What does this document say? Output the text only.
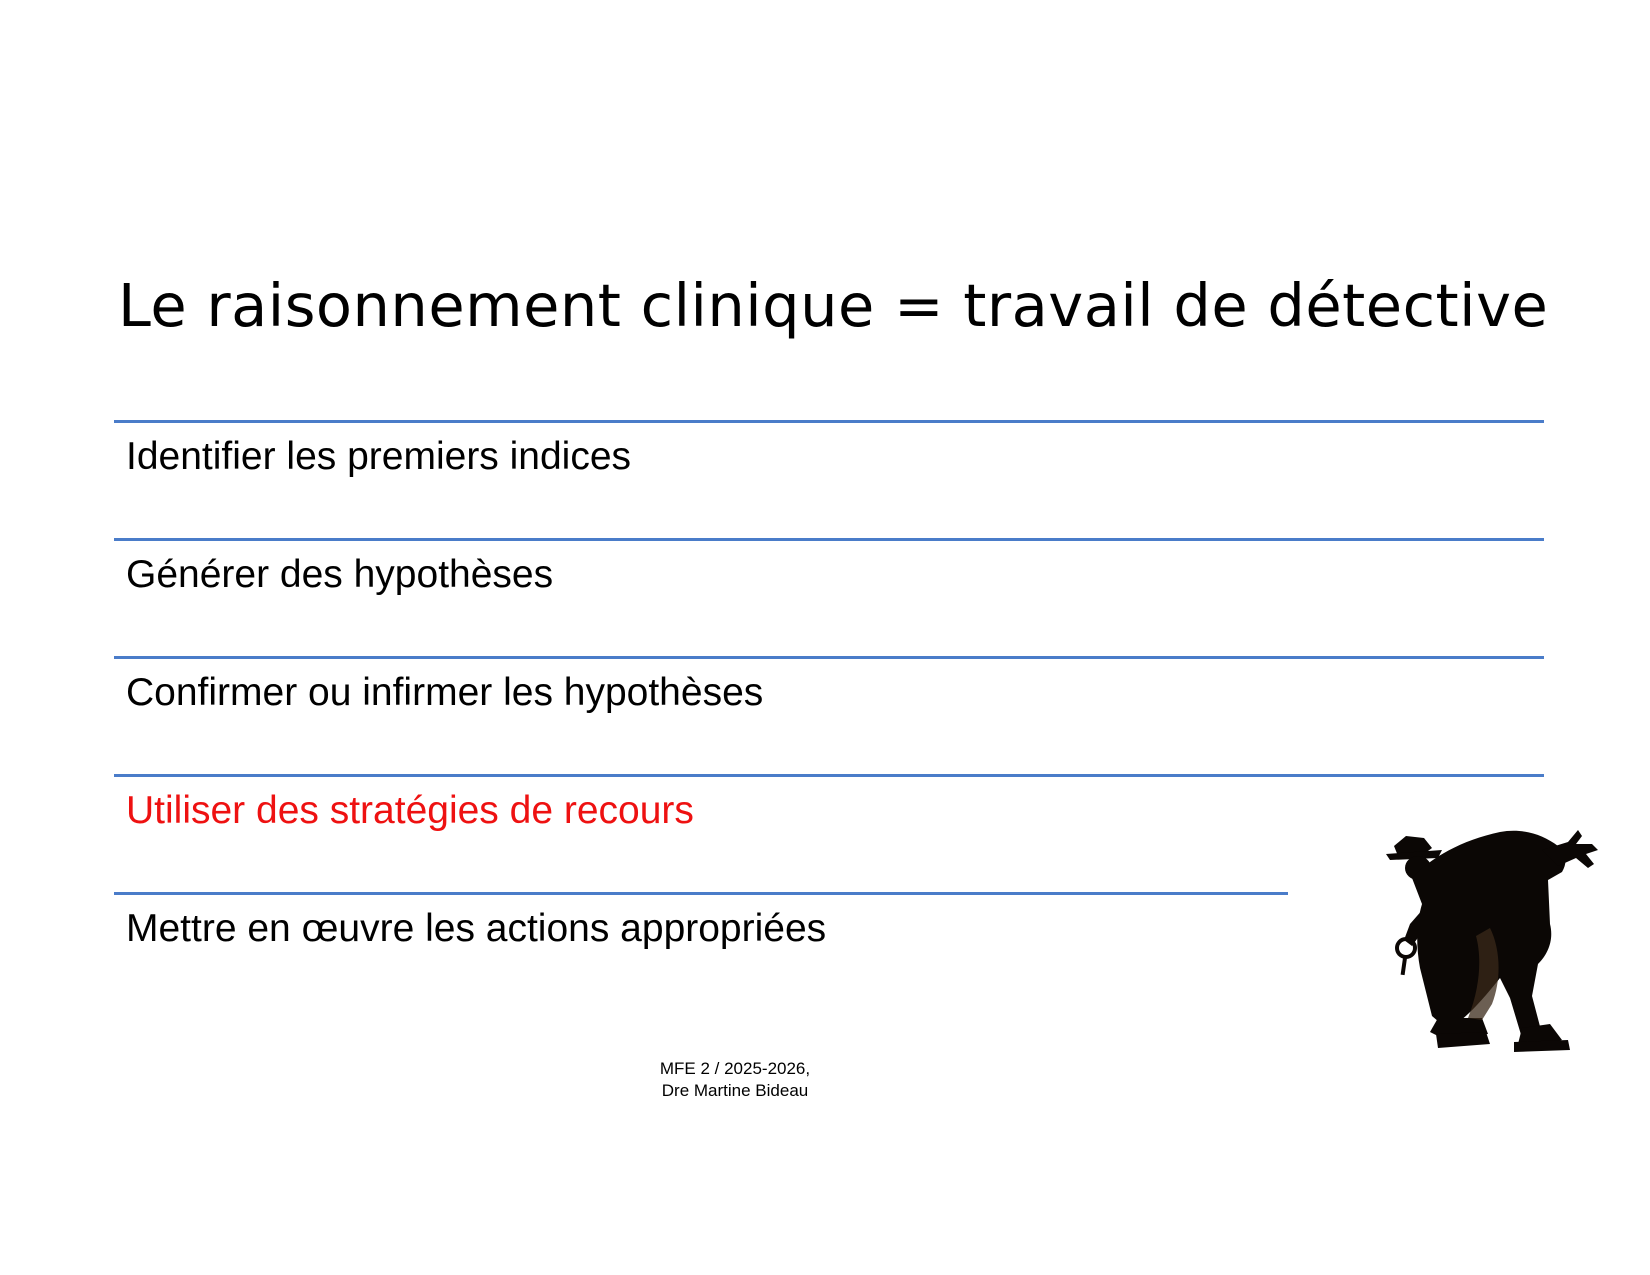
Le raisonnement clinique = travail de détective

Identifier les premiers indices

Générer des hypothèses

Confirmer ou infirmer les hypothèses

Utiliser des stratégies de recours

Mettre en œuvre les actions appropriées

MFE 2 / 2025-2026,
Dre Martine Bideau
